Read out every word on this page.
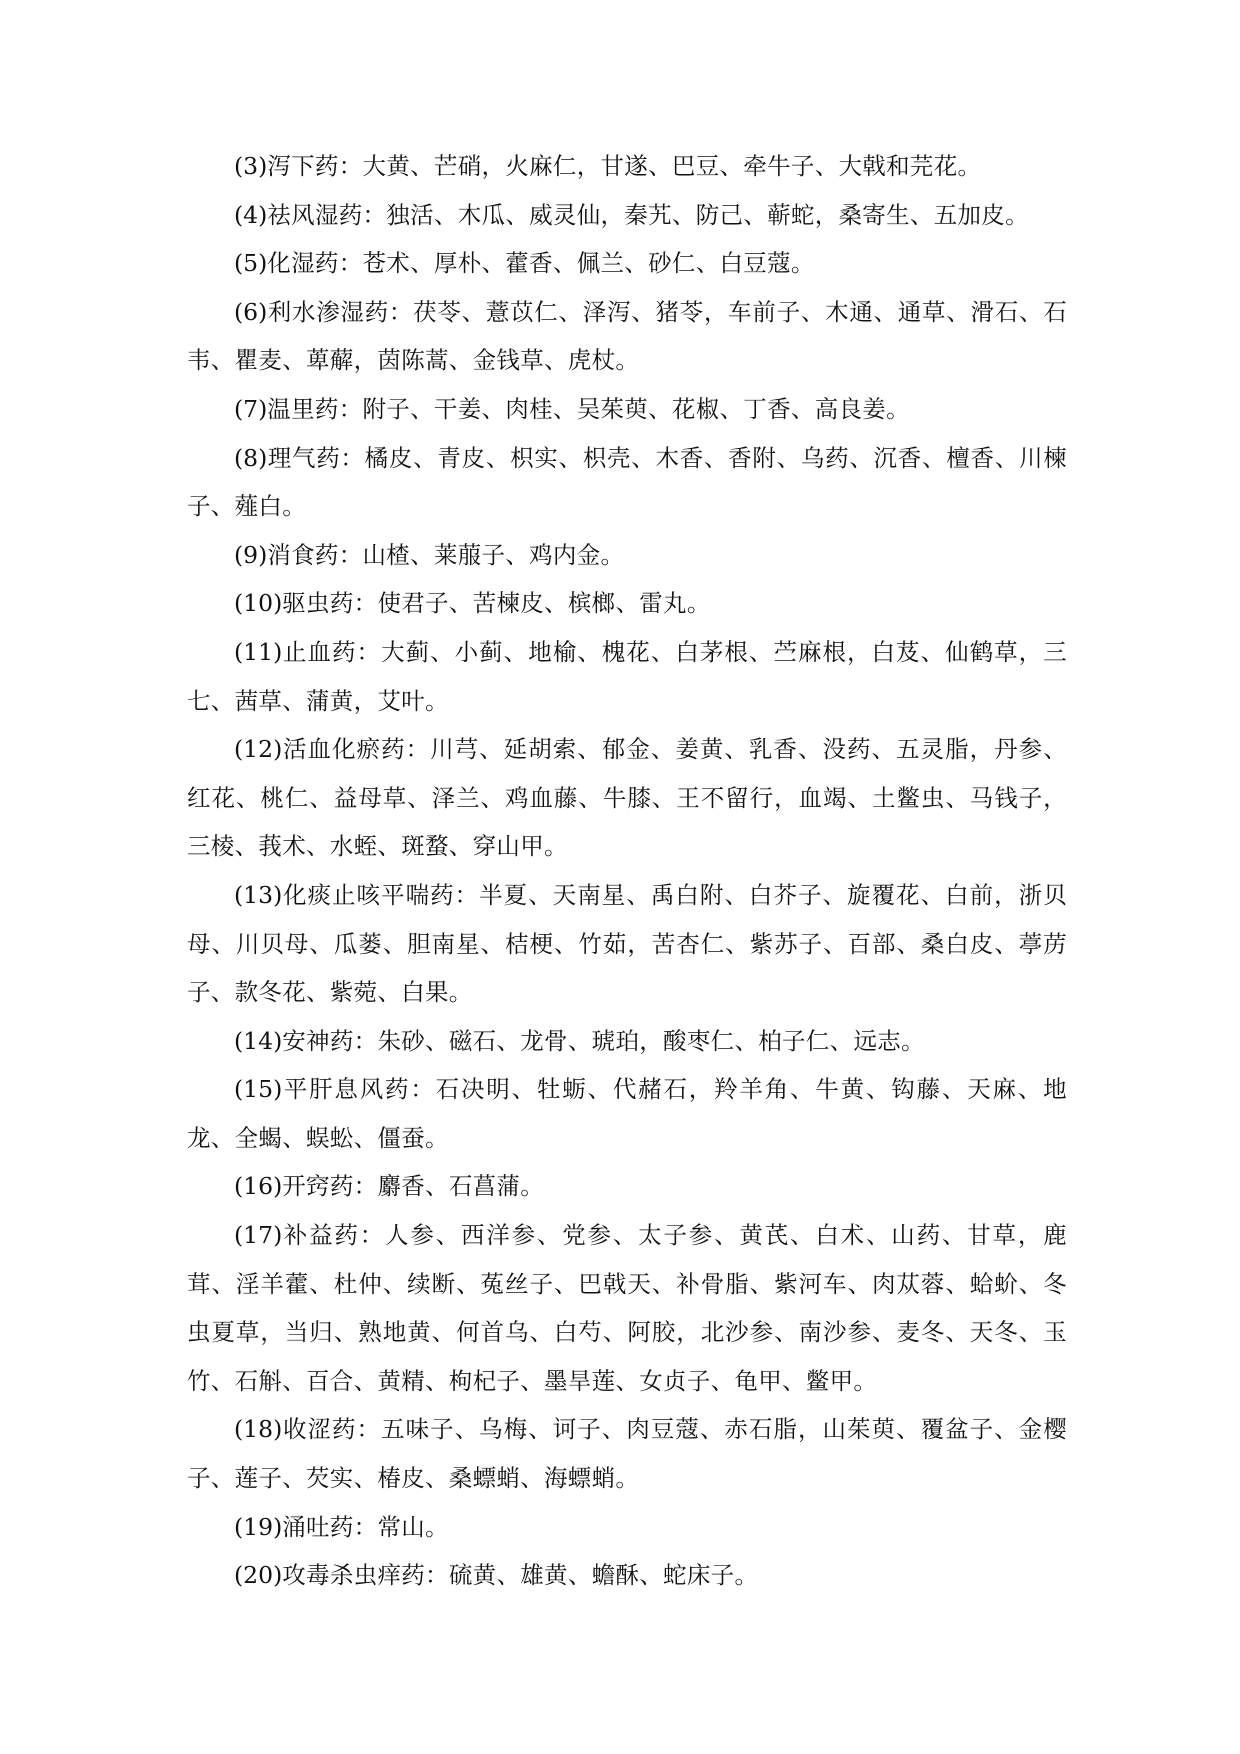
(3)泻下药：大黄、芒硝，火麻仁，甘遂、巴豆、牵牛子、大戟和芫花。

(4)祛风湿药：独活、木瓜、威灵仙，秦艽、防己、蕲蛇，桑寄生、五加皮。

(5)化湿药：苍术、厚朴、藿香、佩兰、砂仁、白豆蔻。

(6)利水渗湿药：茯苓、薏苡仁、泽泻、猪苓，车前子、木通、通草、滑石、石韦、瞿麦、萆薢，茵陈蒿、金钱草、虎杖。

(7)温里药：附子、干姜、肉桂、吴茱萸、花椒、丁香、高良姜。

(8)理气药：橘皮、青皮、枳实、枳壳、木香、香附、乌药、沉香、檀香、川楝子、薤白。

(9)消食药：山楂、莱菔子、鸡内金。

(10)驱虫药：使君子、苦楝皮、槟榔、雷丸。

(11)止血药：大蓟、小蓟、地榆、槐花、白茅根、苎麻根，白芨、仙鹤草，三七、茜草、蒲黄，艾叶。

(12)活血化瘀药：川芎、延胡索、郁金、姜黄、乳香、没药、五灵脂，丹参、红花、桃仁、益母草、泽兰、鸡血藤、牛膝、王不留行，血竭、土鳖虫、马钱子，三棱、莪术、水蛭、斑蝥、穿山甲。

(13)化痰止咳平喘药：半夏、天南星、禹白附、白芥子、旋覆花、白前，浙贝母、川贝母、瓜蒌、胆南星、桔梗、竹茹，苦杏仁、紫苏子、百部、桑白皮、葶苈子、款冬花、紫菀、白果。

(14)安神药：朱砂、磁石、龙骨、琥珀，酸枣仁、柏子仁、远志。

(15)平肝息风药：石决明、牡蛎、代赭石，羚羊角、牛黄、钩藤、天麻、地龙、全蝎、蜈蚣、僵蚕。

(16)开窍药：麝香、石菖蒲。

(17)补益药：人参、西洋参、党参、太子参、黄芪、白术、山药、甘草，鹿茸、淫羊藿、杜仲、续断、菟丝子、巴戟天、补骨脂、紫河车、肉苁蓉、蛤蚧、冬虫夏草，当归、熟地黄、何首乌、白芍、阿胶，北沙参、南沙参、麦冬、天冬、玉竹、石斛、百合、黄精、枸杞子、墨旱莲、女贞子、龟甲、鳖甲。

(18)收涩药：五味子、乌梅、诃子、肉豆蔻、赤石脂，山茱萸、覆盆子、金樱子、莲子、芡实、椿皮、桑螵蛸、海螵蛸。

(19)涌吐药：常山。

(20)攻毒杀虫痒药：硫黄、雄黄、蟾酥、蛇床子。
